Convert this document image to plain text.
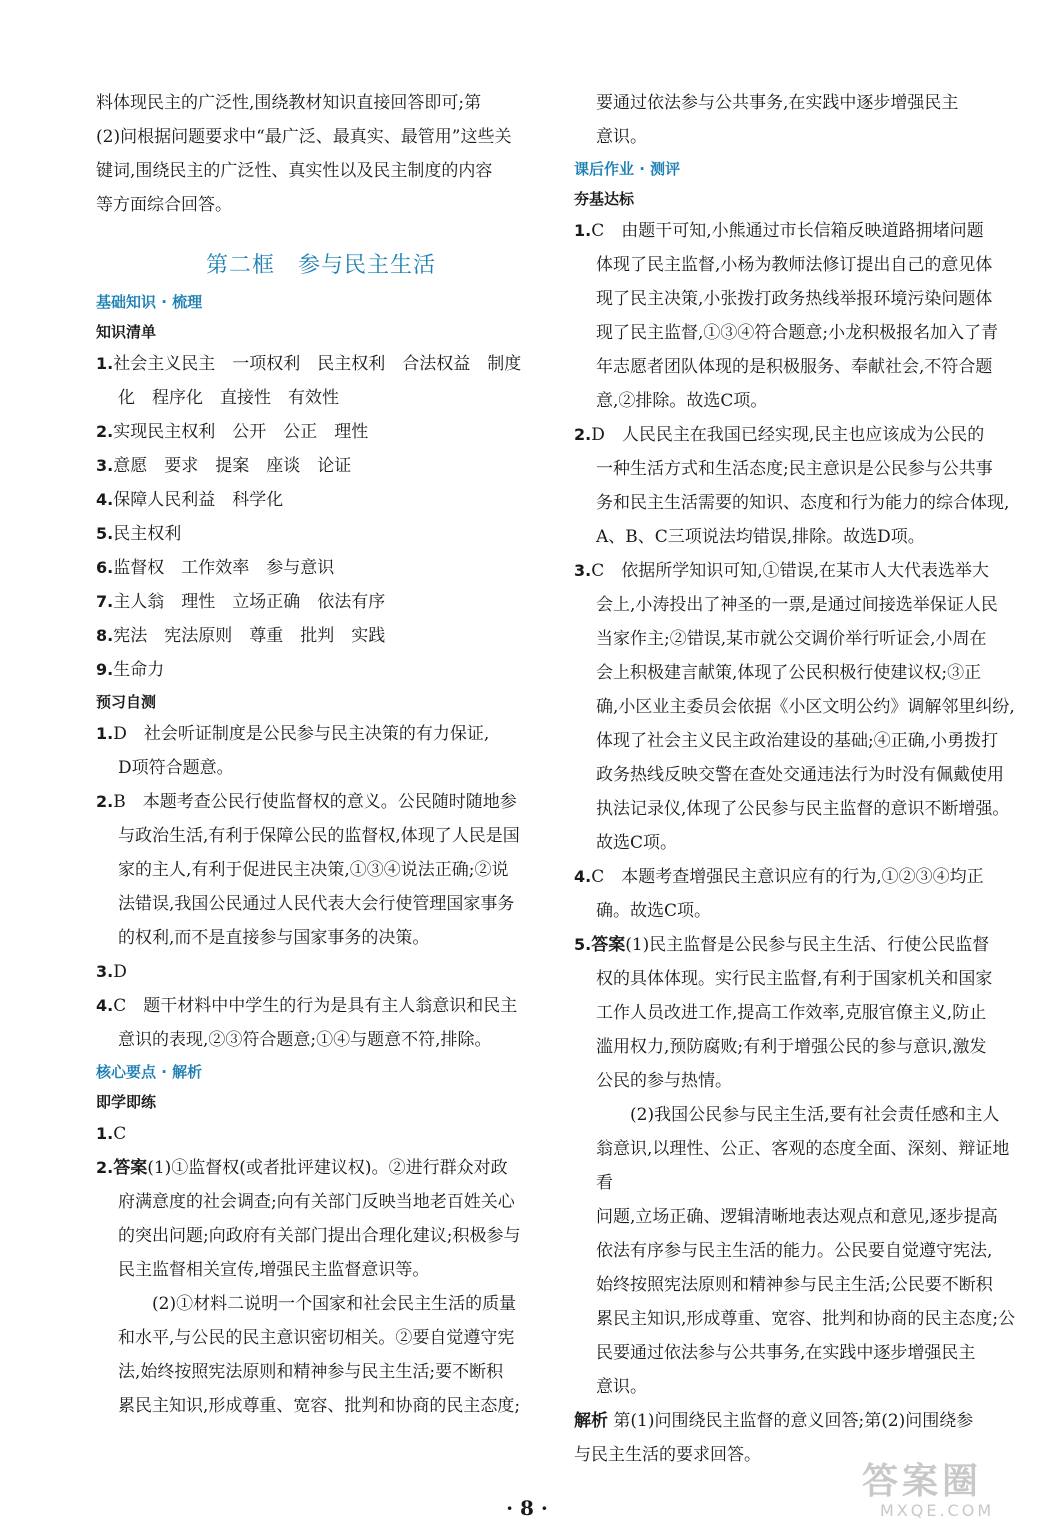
料体现民主的广泛性,围绕教材知识直接回答即可;第

(2)问根据问题要求中“最广泛、最真实、最管用”这些关

键词,围绕民主的广泛性、真实性以及民主制度的内容

等方面综合回答。

第二框　参与民主生活
基础知识 · 梳理
知识清单
1.社会主义民主　一项权利　民主权利　合法权益　制度
化　程序化　直接性　有效性
2.实现民主权利　公开　公正　理性
3.意愿　要求　提案　座谈　论证
4.保障人民利益　科学化
5.民主权利
6.监督权　工作效率　参与意识
7.主人翁　理性　立场正确　依法有序
8.宪法　宪法原则　尊重　批判　实践
9.生命力
预习自测

1.D　社会听证制度是公民参与民主决策的有力保证,

D项符合题意。

2.B　本题考查公民行使监督权的意义。公民随时随地参

与政治生活,有利于保障公民的监督权,体现了人民是国

家的主人,有利于促进民主决策,①③④说法正确;②说

法错误,我国公民通过人民代表大会行使管理国家事务

的权利,而不是直接参与国家事务的决策。

3.D

4.C　题干材料中中学生的行为是具有主人翁意识和民主

意识的表现,②③符合题意;①④与题意不符,排除。

核心要点 · 解析
即学即练

1.C

2.答案(1)①监督权(或者批评建议权)。②进行群众对政

府满意度的社会调查;向有关部门反映当地老百姓关心

的突出问题;向政府有关部门提出合理化建议;积极参与

民主监督相关宣传,增强民主监督意识等。

(2)①材料二说明一个国家和社会民主生活的质量

和水平,与公民的民主意识密切相关。②要自觉遵守宪

法,始终按照宪法原则和精神参与民主生活;要不断积

累民主知识,形成尊重、宽容、批判和协商的民主态度;

要通过依法参与公共事务,在实践中逐步增强民主

意识。

课后作业 · 测评
夯基达标

1.C　由题干可知,小熊通过市长信箱反映道路拥堵问题

体现了民主监督,小杨为教师法修订提出自己的意见体

现了民主决策,小张拨打政务热线举报环境污染问题体

现了民主监督,①③④符合题意;小龙积极报名加入了青

年志愿者团队体现的是积极服务、奉献社会,不符合题

意,②排除。故选C项。

2.D　人民民主在我国已经实现,民主也应该成为公民的

一种生活方式和生活态度;民主意识是公民参与公共事

务和民主生活需要的知识、态度和行为能力的综合体现,

A、B、C三项说法均错误,排除。故选D项。

3.C　依据所学知识可知,①错误,在某市人大代表选举大

会上,小涛投出了神圣的一票,是通过间接选举保证人民

当家作主;②错误,某市就公交调价举行听证会,小周在

会上积极建言献策,体现了公民积极行使建议权;③正

确,小区业主委员会依据《小区文明公约》调解邻里纠纷,

体现了社会主义民主政治建设的基础;④正确,小勇拨打

政务热线反映交警在查处交通违法行为时没有佩戴使用

执法记录仪,体现了公民参与民主监督的意识不断增强。

故选C项。

4.C　本题考查增强民主意识应有的行为,①②③④均正

确。故选C项。

5.答案(1)民主监督是公民参与民主生活、行使公民监督

权的具体体现。实行民主监督,有利于国家机关和国家

工作人员改进工作,提高工作效率,克服官僚主义,防止

滥用权力,预防腐败;有利于增强公民的参与意识,激发

公民的参与热情。

(2)我国公民参与民主生活,要有社会责任感和主人

翁意识,以理性、公正、客观的态度全面、深刻、辩证地看

问题,立场正确、逻辑清晰地表达观点和意见,逐步提高

依法有序参与民主生活的能力。公民要自觉遵守宪法,

始终按照宪法原则和精神参与民主生活;公民要不断积

累民主知识,形成尊重、宽容、批判和协商的民主态度;公

民要通过依法参与公共事务,在实践中逐步增强民主

意识。

解析 第(1)问围绕民主监督的意义回答;第(2)问围绕参

与民主生活的要求回答。

· 8 ·
答案圈
MXQE.COM
